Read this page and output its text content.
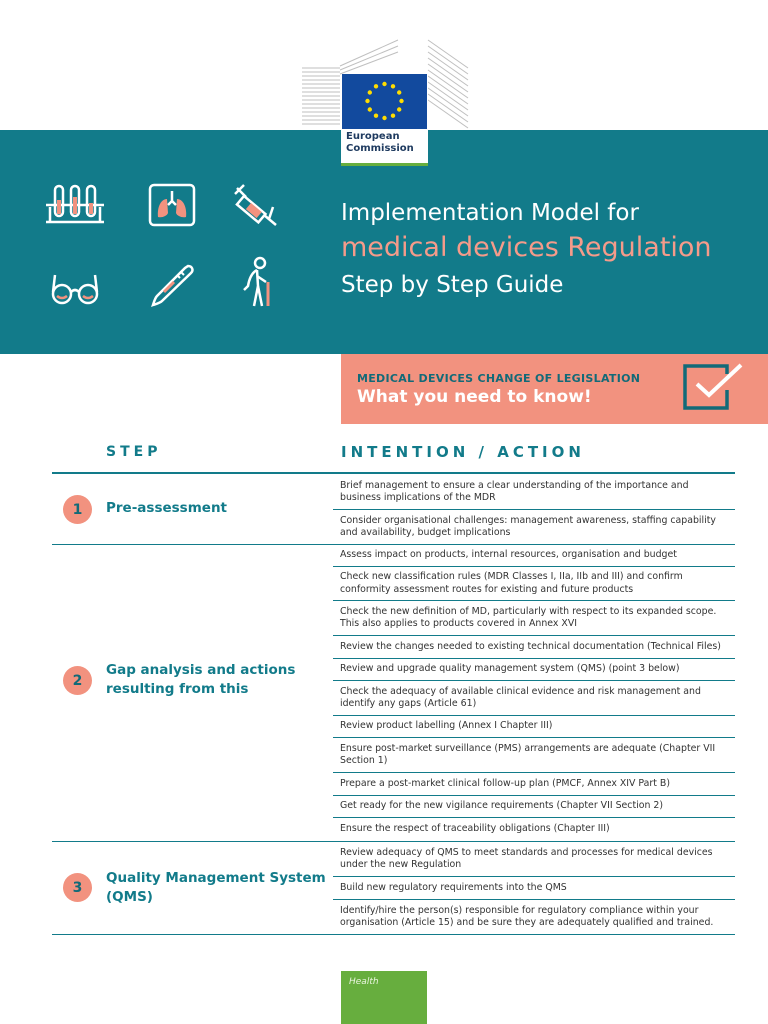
European
Commission
Implementation Model for
medical devices Regulation
Step by Step Guide
MEDICAL DEVICES CHANGE OF LEGISLATION
What you need to know!
STEP	INTENTION / ACTION
1	Pre-assessment
Brief management to ensure a clear understanding of the importance and business implications of the MDR
Consider organisational challenges: management awareness, staffing capability and availability, budget implications
2
Gap analysis and actions resulting from this
Assess impact on products, internal resources, organisation and budget
Check new classification rules (MDR Classes I, IIa, IIb and III) and confirm conformity assessment routes for existing and future products
Check the new definition of MD, particularly with respect to its expanded scope. This also applies to products covered in Annex XVI
Review the changes needed to existing technical documentation (Technical Files)
Review and upgrade quality management system (QMS) (point 3 below)
Check the adequacy of available clinical evidence and risk management and identify any gaps (Article 61)
Review product labelling (Annex I Chapter III)
Ensure post-market surveillance (PMS) arrangements are adequate (Chapter VII Section 1)
Prepare a post-market clinical follow-up plan (PMCF, Annex XIV Part B)
Get ready for the new vigilance requirements (Chapter VII Section 2)
Ensure the respect of traceability obligations (Chapter III)
3
Quality Management System (QMS)
Review adequacy of QMS to meet standards and processes for medical devices under the new Regulation
Build new regulatory requirements into the QMS
Identify/hire the person(s) responsible for regulatory compliance within your organisation (Article 15) and be sure they are adequately qualified and trained.
Health
